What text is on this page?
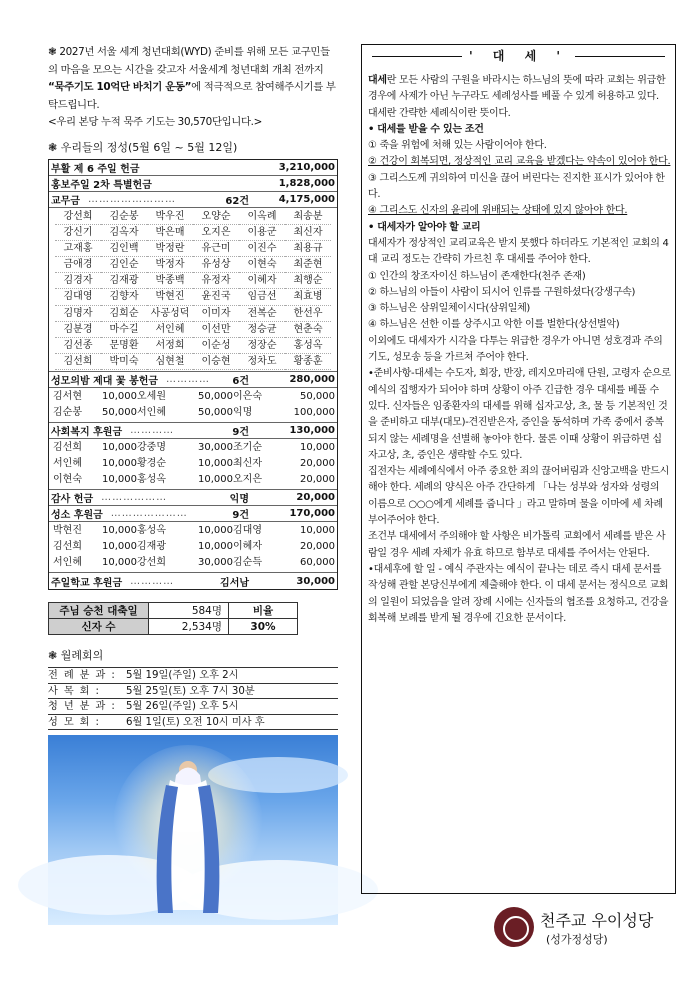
❃ 2027년 서울 세계 청년대회(WYD) 준비를 위해 모든 교구민들의 마음을 모으는 시간을 갖고자 서울세계 청년대회 개최 전까지 “묵주기도 10억단 바치기 운동”에 적극적으로 참여해주시기를 부탁드립니다.
<우리 본당 누적 묵주 기도는 30,570단입니다.>
❃ 우리들의 정성(5월 6일 ~ 5월 12일)
부활 제 6 주일 헌금	3,210,000
홍보주일 2차 특별헌금	1,828,000
교무금 ……………………	62건	4,175,000
강선희	김순봉	박우진	오양순	이옥례	최송분
강신기	김옥자	박은매	오지은	이용군	최신자
고재홍	김인백	박정란	유근미	이진수	최용규
금애경	김인순	박정자	유성상	이현숙	최준현
김경자	김재광	박종백	유정자	이혜자	최행순
김대영	김향자	박현진	윤진국	임금선	최효병
김명자	김희순	사공성덕	이미자	전복순	한선우
김분경	마수길	서인혜	이선만	정승균	현춘숙
김선종	문명환	서정희	이순성	정장순	홍성옥
김선희	박미숙	심현철	이승현	정차도	황종훈
성모의밤 제대 꽃 봉헌금 …………	6건	280,000
김서현	10,000 오세원	50,000 이은숙	50,000
김순봉	50,000 서인혜	50,000 익명	100,000
사회복지 후원금 …………	9건	130,000
김선희	10,000 강중명	30,000 조기순	10,000
서인혜	10,000 황경순	10,000 최신자	20,000
이현숙	10,000 홍성옥	10,000 오지은	20,000
감사 헌금 ………………	익명	20,000
성소 후원금 …………………	9건	170,000
박현진	10,000 홍성옥	10,000 김대영	10,000
김선희	10,000 김재광	10,000 이혜자	20,000
서인혜	10,000 강선희	30,000 김순득	60,000
주일학교 후원금 …………	김서남	30,000
주님 승천 대축일	584명	비율
신자 수	2,534명	30%
❃ 월례회의
전례분과: 5월 19일(주일) 오후 2시
사목회:	5월 25일(토) 오후 7시 30분
청년분과: 5월 26일(주일) 오후 5시
성모회:	6월 1일(토) 오전 10시 미사 후
' 대 세 '

대세란 모든 사람의 구원을 바라시는 하느님의 뜻에 따라 교회는 위급한 경우에 사제가 아닌 누구라도 세례성사를 베풀 수 있게 허용하고 있다. 대세란 간략한 세례식이란 뜻이다.

• 대세를 받을 수 있는 조건

① 죽을 위험에 처해 있는 사람이어야 한다.

② 건강이 회복되면, 정상적인 교리 교육을 받겠다는 약속이 있어야 한다.

③ 그리스도께 귀의하여 미신을 끊어 버린다는 진지한 표시가 있어야 한다.

④ 그리스도 신자의 윤리에 위배되는 상태에 있지 않아야 한다.

• 대세자가 알아야 할 교리

대세자가 정상적인 교리교육은 받지 못했다 하더라도 기본적인 교회의 4대 교리 정도는 간략히 가르친 후 대세를 주어야 한다.

① 인간의 창조자이신 하느님이 존재한다(천주 존재)

② 하느님의 아들이 사람이 되시어 인류를 구원하셨다(강생구속)

③ 하느님은 삼위일체이시다(삼위일체)

④ 하느님은 선한 이를 상주시고 악한 이를 벌한다(상선벌악)

이외에도 대세자가 시각을 다투는 위급한 경우가 아니면 성호경과 주의 기도, 성모송 등을 가르쳐 주어야 한다.

•준비사항-대세는 수도자, 회장, 반장, 레지오마리애 단원, 고령자 순으로 예식의 집행자가 되어야 하며 상황이 아주 긴급한 경우 대세를 베풀 수 있다. 신자들은 임종환자의 대세를 위해 십자고상, 초, 물 등 기본적인 것을 준비하고 대부(대모)-견진받은자, 증인을 동석하며 가족 중에서 중복되지 않는 세례명을 선별해 놓아야 한다. 물론 이때 상황이 위급하면 십자고상, 초, 증인은 생략할 수도 있다.

집전자는 세례예식에서 아주 중요한 죄의 끊어버림과 신앙고백을 반드시 해야 한다. 세례의 양식은 아주 간단하게 「나는 성부와 성자와 성령의 이름으로 ○○○에게 세례를 줍니다 」라고 말하며 물을 이마에 세 차례 부어주어야 한다.

조건부 대세에서 주의해야 할 사항은 비가톨릭 교회에서 세례를 받은 사람일 경우 세례 자체가 유효 하므로 함부로 대세를 주어서는 안된다.

•대세후에 할 일 - 예식 주관자는 예식이 끝나는 데로 즉시 대세 문서를 작성해 관할 본당신부에게 제출해야 한다. 이 대세 문서는 정식으로 교회의 일원이 되었음을 알려 장례 시에는 신자들의 협조를 요청하고, 건강을 회복해 보례를 받게 될 경우에 긴요한 문서이다.

천주교 우이성당
(성가정성당)
